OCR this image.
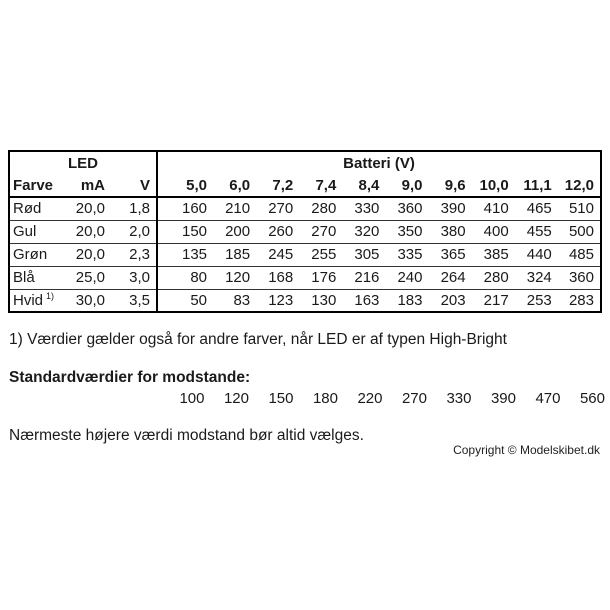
LED			Batteri (V)									
Farve	mA	V	5,0	6,0	7,2	7,4	8,4	9,0	9,6	10,0	11,1	12,0
Rød	20,0	1,8	160	210	270	280	330	360	390	410	465	510
Gul	20,0	2,0	150	200	260	270	320	350	380	400	455	500
Grøn	20,0	2,3	135	185	245	255	305	335	365	385	440	485
Blå	25,0	3,0	80	120	168	176	216	240	264	280	324	360
Hvid $^{1)}$	30,0	3,5	50	83	123	130	163	183	203	217	253	283

1) Værdier gælder også for andre farver, når LED er af typen High-Bright

Standardværdier for modstande:

100	120	150	180	220	270	330	390	470	560

Nærmeste højere værdi modstand bør altid vælges.

Copyright © Modelskibet.dk
